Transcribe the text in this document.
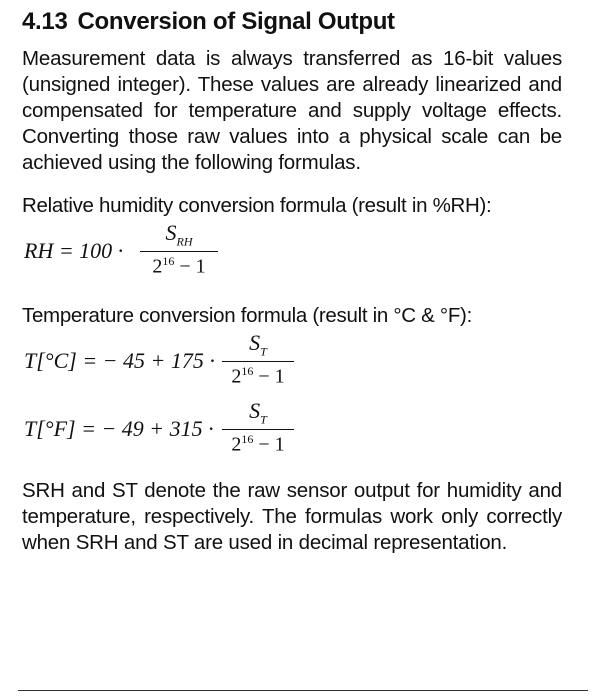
4.13 Conversion of Signal Output

Measurement data is always transferred as 16-bit values (unsigned integer). These values are already linearized and compensated for temperature and supply voltage effects. Converting those raw values into a physical scale can be achieved using the following formulas.

Relative humidity conversion formula (result in %RH):

RH = 100 ·
$S_{RH}$
$2^{16} - 1$

Temperature conversion formula (result in °C & °F):

T[°C] = − 45 + 175 ·
$S_T$
$2^{16} - 1$
T[°F] = − 49 + 315 ·
$S_T$
$2^{16} - 1$

SRH and ST denote the raw sensor output for humidity and temperature, respectively. The formulas work only correctly when SRH and ST are used in decimal representation.
